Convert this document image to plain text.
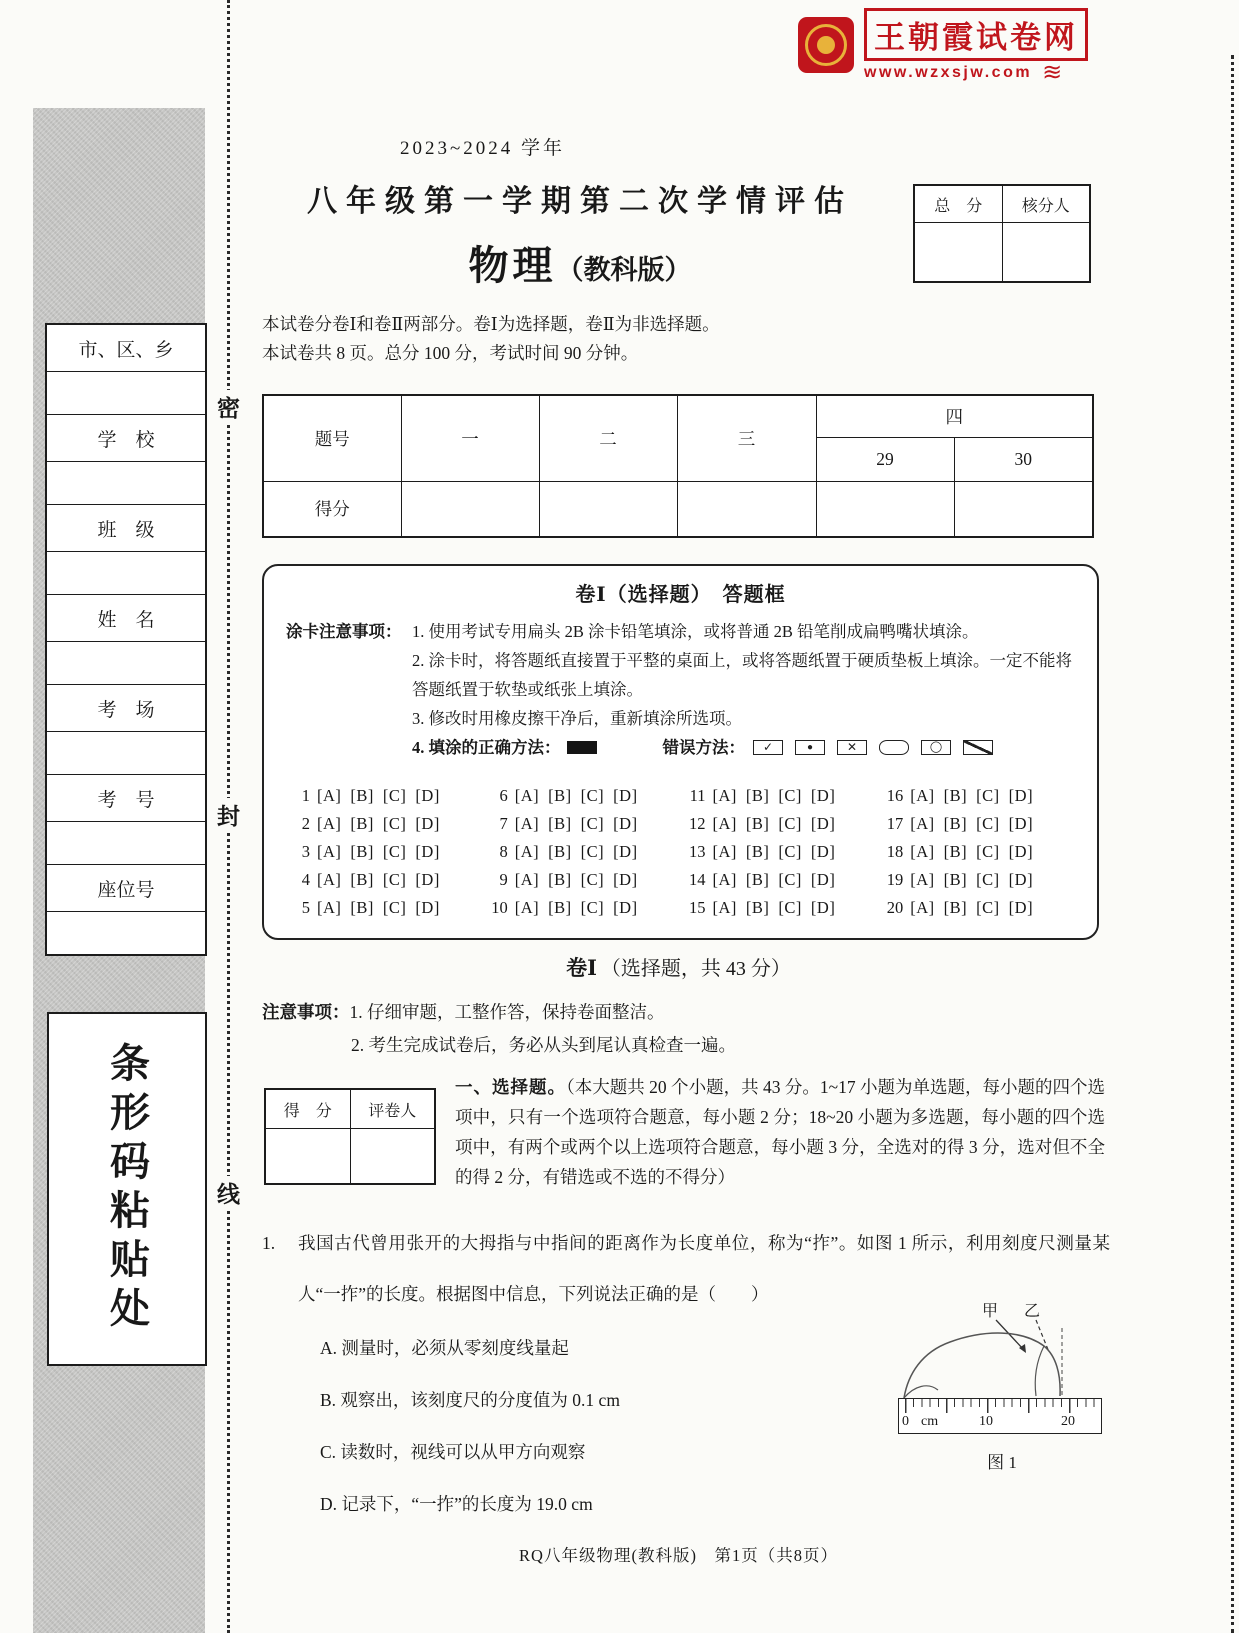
市、区、乡
学　校
班　级
姓　名
考　场
考　号
座位号
条形码粘贴处
密
封
线
王朝霞试卷网
www.wzxsjw.com ≋
2023~2024 学年
八年级第一学期第二次学情评估
物理（教科版）
总　分	核分人
本试卷分卷Ⅰ和卷Ⅱ两部分。卷Ⅰ为选择题，卷Ⅱ为非选择题。
本试卷共 8 页。总分 100 分，考试时间 90 分钟。
题号	一	二	三	四	
				29	30
得分					
卷Ⅰ（选择题）　答题框
涂卡注意事项： 1. 使用考试专用扁头 2B 涂卡铅笔填涂，或将普通 2B 铅笔削成扁鸭嘴状填涂。
2. 涂卡时，将答题纸直接置于平整的桌面上，或将答题纸置于硬质垫板上填涂。一定不能将答题纸置于软垫或纸张上填涂。
3. 修改时用橡皮擦干净后，重新填涂所选项。
4. 填涂的正确方法：	错误方法：	✓	●	✕	◯
1 [A] [B] [C] [D]	6 [A] [B] [C] [D]	11 [A] [B] [C] [D]	16 [A] [B] [C] [D]
2 [A] [B] [C] [D]	7 [A] [B] [C] [D]	12 [A] [B] [C] [D]	17 [A] [B] [C] [D]
3 [A] [B] [C] [D]	8 [A] [B] [C] [D]	13 [A] [B] [C] [D]	18 [A] [B] [C] [D]
4 [A] [B] [C] [D]	9 [A] [B] [C] [D]	14 [A] [B] [C] [D]	19 [A] [B] [C] [D]
5 [A] [B] [C] [D]	10 [A] [B] [C] [D]	15 [A] [B] [C] [D]	20 [A] [B] [C] [D]
卷Ⅰ （选择题，共 43 分）
注意事项：1. 仔细审题，工整作答，保持卷面整洁。
2. 考生完成试卷后，务必从头到尾认真检查一遍。
得　分	评卷人
一、选择题。（本大题共 20 个小题，共 43 分。1~17 小题为单选题，每小题的四个选项中，只有一个选项符合题意，每小题 2 分；18~20 小题为多选题，每小题的四个选项中，有两个或两个以上选项符合题意，每小题 3 分，全选对的得 3 分，选对但不全的得 2 分，有错选或不选的不得分）
1.	我国古代曾用张开的大拇指与中指间的距离作为长度单位，称为“拃”。如图 1 所示，利用刻度尺测量某人“一拃”的长度。根据图中信息，下列说法正确的是（　　）
A. 测量时，必须从零刻度线量起
B. 观察出，该刻度尺的分度值为 0.1 cm
C. 读数时，视线可以从甲方向观察
D. 记录下，“一拃”的长度为 19.0 cm
甲 乙
0 cm	10	20
图 1
RQ八年级物理(教科版)　第1页（共8页）
